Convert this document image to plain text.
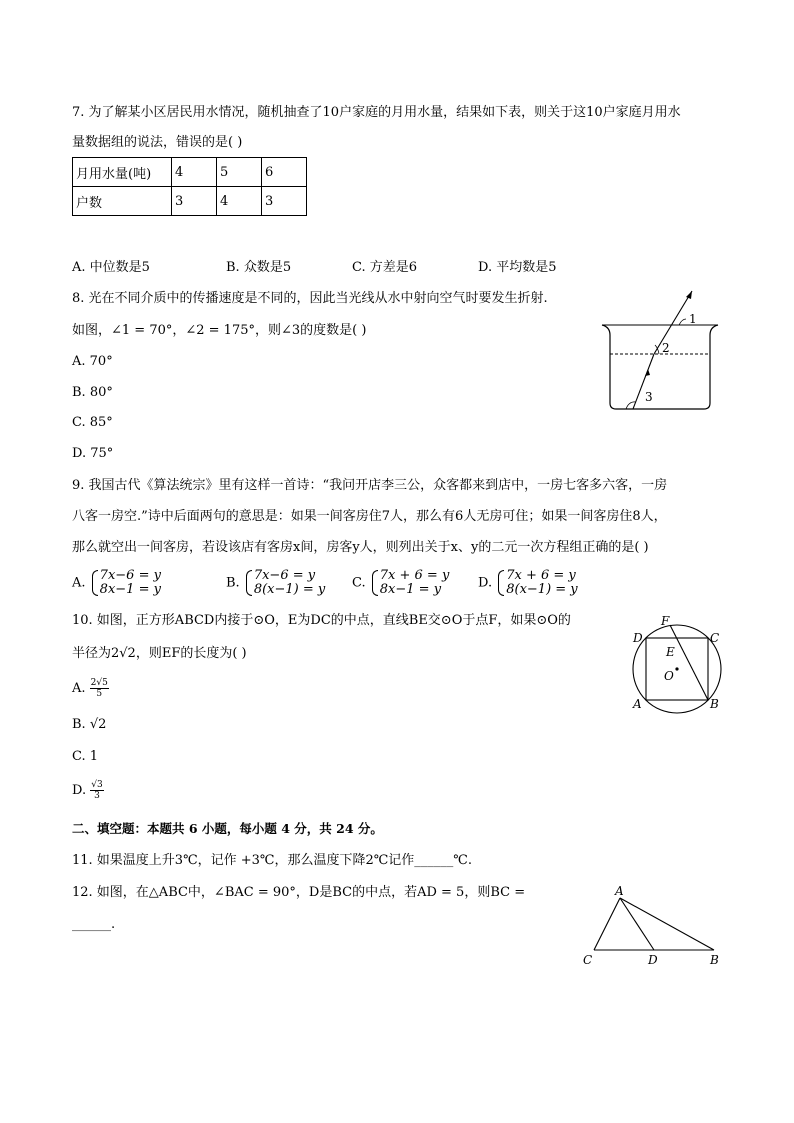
7. 为了解某小区居民用水情况，随机抽查了10户家庭的月用水量，结果如下表，则关于这10户家庭月用水
量数据组的说法，错误的是( )
月用水量(吨)	4	5	6
户数	3	4	3
A. 中位数是5	B. 众数是5	C. 方差是6	D. 平均数是5
8. 光在不同介质中的传播速度是不同的，因此当光线从水中射向空气时要发生折射.
如图，∠1 = 70°，∠2 = 175°，则∠3的度数是( )
A. 70°
B. 80°
C. 85°
D. 75°
1
2
3
9. 我国古代《算法统宗》里有这样一首诗：“我问开店李三公，众客都来到店中，一房七客多六客，一房
八客一房空.”诗中后面两句的意思是：如果一间客房住7人，那么有6人无房可住；如果一间客房住8人，
那么就空出一间客房，若设该店有客房x间，房客y人，则列出关于x、y的二元一次方程组正确的是( )
A. 7x−6 = y
8x−1 = y	B. 7x−6 = y
8(x−1) = y C. 7x + 6 = y
8x−1 = y	D. 7x + 6 = y
8(x−1) = y
10. 如图，正方形ABCD内接于⊙O，E为DC的中点，直线BE交⊙O于点F，如果⊙O的
半径为2√2，则EF的长度为( )
A. $\frac{2√5}{5}$
B. √2
C. 1
D. $\frac{√3}{3}$
D
F
C
E
O
A	B
二、填空题：本题共 6 小题，每小题 4 分，共 24 分。
11. 如果温度上升3℃，记作 +3℃，那么温度下降2℃记作______℃.
12. 如图，在△ABC中，∠BAC = 90°，D是BC的中点，若AD = 5，则BC =
______.
A
C	D	B
